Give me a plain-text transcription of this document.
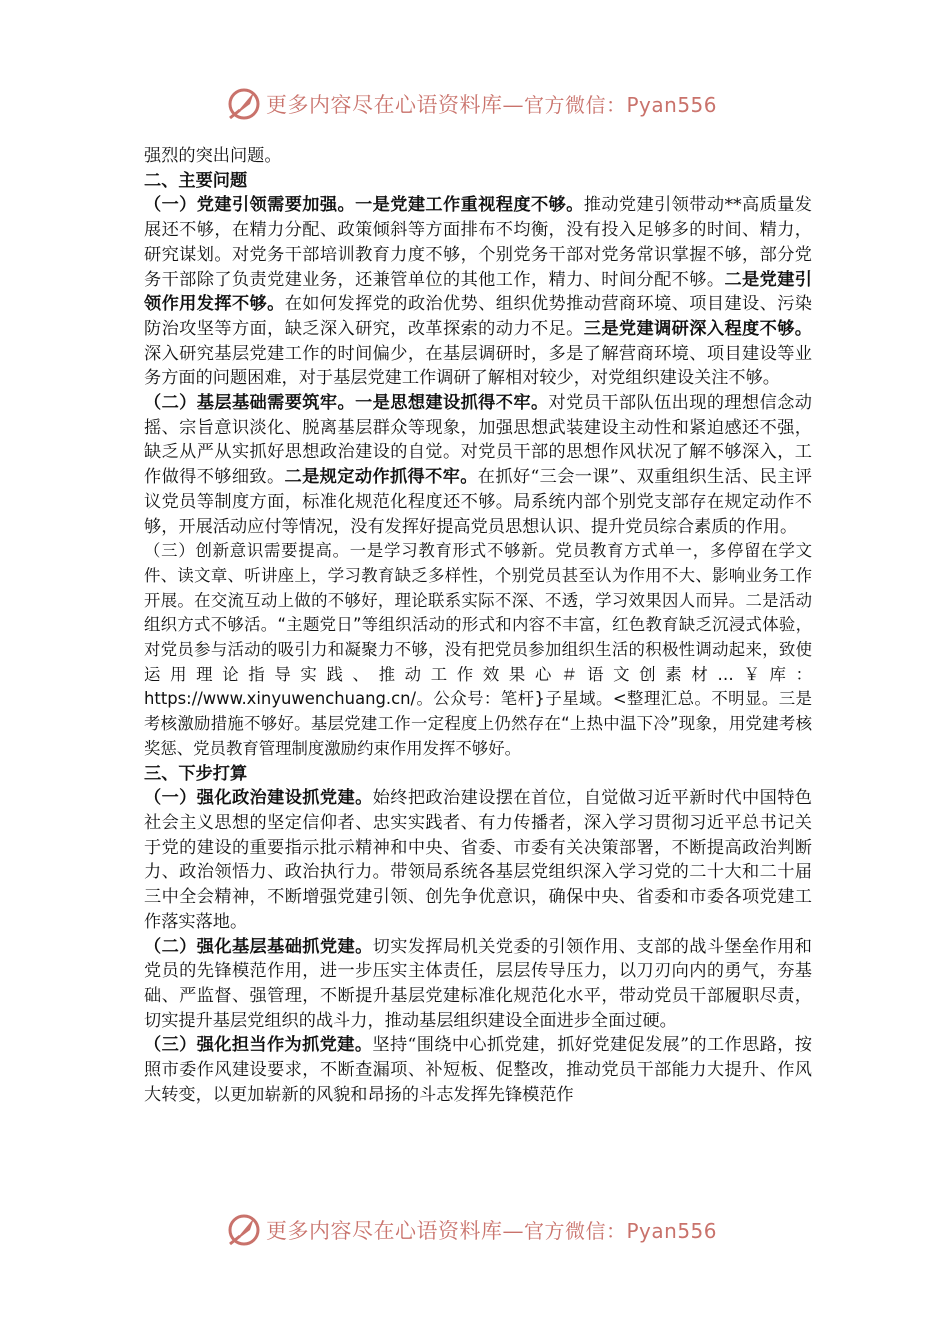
更多内容尽在心语资料库—官方微信：Pyan556

强烈的突出问题。

二、主要问题

（一）党建引领需要加强。一是党建工作重视程度不够。推动党建引领带动**高质量发展还不够，在精力分配、政策倾斜等方面排布不均衡，没有投入足够多的时间、精力，研究谋划。对党务干部培训教育力度不够，个别党务干部对党务常识掌握不够，部分党务干部除了负责党建业务，还兼管单位的其他工作，精力、时间分配不够。二是党建引领作用发挥不够。在如何发挥党的政治优势、组织优势推动营商环境、项目建设、污染防治攻坚等方面，缺乏深入研究，改革探索的动力不足。三是党建调研深入程度不够。深入研究基层党建工作的时间偏少，在基层调研时，多是了解营商环境、项目建设等业务方面的问题困难，对于基层党建工作调研了解相对较少，对党组织建设关注不够。

（二）基层基础需要筑牢。一是思想建设抓得不牢。对党员干部队伍出现的理想信念动摇、宗旨意识淡化、脱离基层群众等现象，加强思想武装建设主动性和紧迫感还不强，缺乏从严从实抓好思想政治建设的自觉。对党员干部的思想作风状况了解不够深入，工作做得不够细致。二是规定动作抓得不牢。在抓好“三会一课”、双重组织生活、民主评议党员等制度方面，标准化规范化程度还不够。局系统内部个别党支部存在规定动作不够，开展活动应付等情况，没有发挥好提高党员思想认识、提升党员综合素质的作用。

（三）创新意识需要提高。一是学习教育形式不够新。党员教育方式单一，多停留在学文件、读文章、听讲座上，学习教育缺乏多样性，个别党员甚至认为作用不大、影响业务工作开展。在交流互动上做的不够好，理论联系实际不深、不透，学习效果因人而异。二是活动组织方式不够活。“主题党日”等组织活动的形式和内容不丰富，红色教育缺乏沉浸式体验，对党员参与活动的吸引力和凝聚力不够，没有把党员参加组织生活的积极性调动起来，致使运用理论指导实践、推动工作效果心＃语文创素材…￥库：https://www.xinyuwenchuang.cn/。公众号：笔杆}子星域。<整理汇总。不明显。三是考核激励措施不够好。基层党建工作一定程度上仍然存在“上热中温下冷”现象，用党建考核奖惩、党员教育管理制度激励约束作用发挥不够好。

三、下步打算

（一）强化政治建设抓党建。始终把政治建设摆在首位，自觉做习近平新时代中国特色社会主义思想的坚定信仰者、忠实实践者、有力传播者，深入学习贯彻习近平总书记关于党的建设的重要指示批示精神和中央、省委、市委有关决策部署，不断提高政治判断力、政治领悟力、政治执行力。带领局系统各基层党组织深入学习党的二十大和二十届三中全会精神，不断增强党建引领、创先争优意识，确保中央、省委和市委各项党建工作落实落地。

（二）强化基层基础抓党建。切实发挥局机关党委的引领作用、支部的战斗堡垒作用和党员的先锋模范作用，进一步压实主体责任，层层传导压力，以刀刃向内的勇气，夯基础、严监督、强管理，不断提升基层党建标准化规范化水平，带动党员干部履职尽责，切实提升基层党组织的战斗力，推动基层组织建设全面进步全面过硬。

（三）强化担当作为抓党建。坚持“围绕中心抓党建，抓好党建促发展”的工作思路，按照市委作风建设要求，不断查漏项、补短板、促整改，推动党员干部能力大提升、作风大转变，以更加崭新的风貌和昂扬的斗志发挥先锋模范作

更多内容尽在心语资料库—官方微信：Pyan556
